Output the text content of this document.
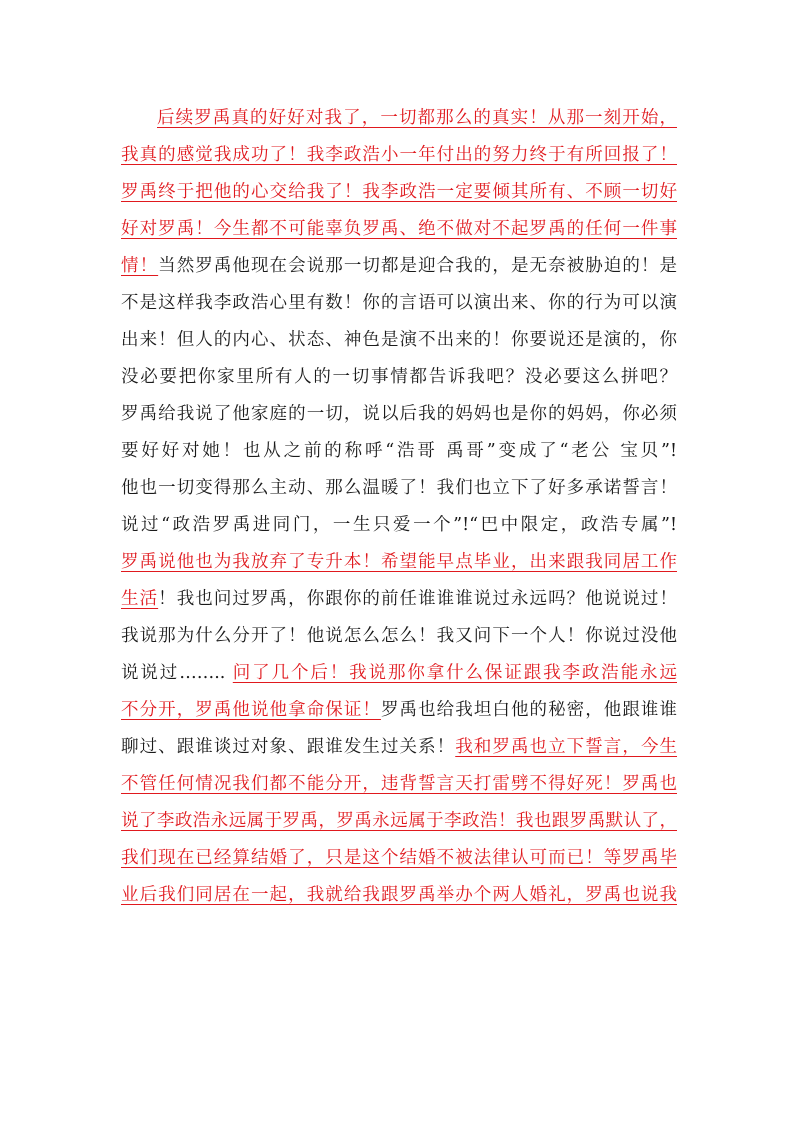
后续罗禹真的好好对我了，一切都那么的真实！从那一刻开始，
我真的感觉我成功了！我李政浩小一年付出的努力终于有所回报了！
罗禹终于把他的心交给我了！我李政浩一定要倾其所有、不顾一切好
好对罗禹！今生都不可能辜负罗禹、绝不做对不起罗禹的任何一件事
情！当然罗禹他现在会说那一切都是迎合我的，是无奈被胁迫的！是
不是这样我李政浩心里有数！你的言语可以演出来、你的行为可以演
出来！但人的内心、状态、神色是演不出来的！你要说还是演的，你
没必要把你家里所有人的一切事情都告诉我吧？没必要这么拼吧？
罗禹给我说了他家庭的一切，说以后我的妈妈也是你的妈妈，你必须
要好好对她！也从之前的称呼“浩哥 禹哥”变成了“老公 宝贝”!
他也一切变得那么主动、那么温暖了！我们也立下了好多承诺誓言！
说过“政浩罗禹进同门，一生只爱一个”!“巴中限定，政浩专属”!
罗禹说他也为我放弃了专升本！希望能早点毕业，出来跟我同居工作
生活！我也问过罗禹，你跟你的前任谁谁谁说过永远吗？他说说过！
我说那为什么分开了！他说怎么怎么！我又问下一个人！你说过没他
说说过…….. 问了几个后！我说那你拿什么保证跟我李政浩能永远
不分开，罗禹他说他拿命保证！罗禹也给我坦白他的秘密，他跟谁谁
聊过、跟谁谈过对象、跟谁发生过关系！我和罗禹也立下誓言，今生
不管任何情况我们都不能分开，违背誓言天打雷劈不得好死！罗禹也
说了李政浩永远属于罗禹，罗禹永远属于李政浩！我也跟罗禹默认了，
我们现在已经算结婚了，只是这个结婚不被法律认可而已！等罗禹毕
业后我们同居在一起，我就给我跟罗禹举办个两人婚礼，罗禹也说我
